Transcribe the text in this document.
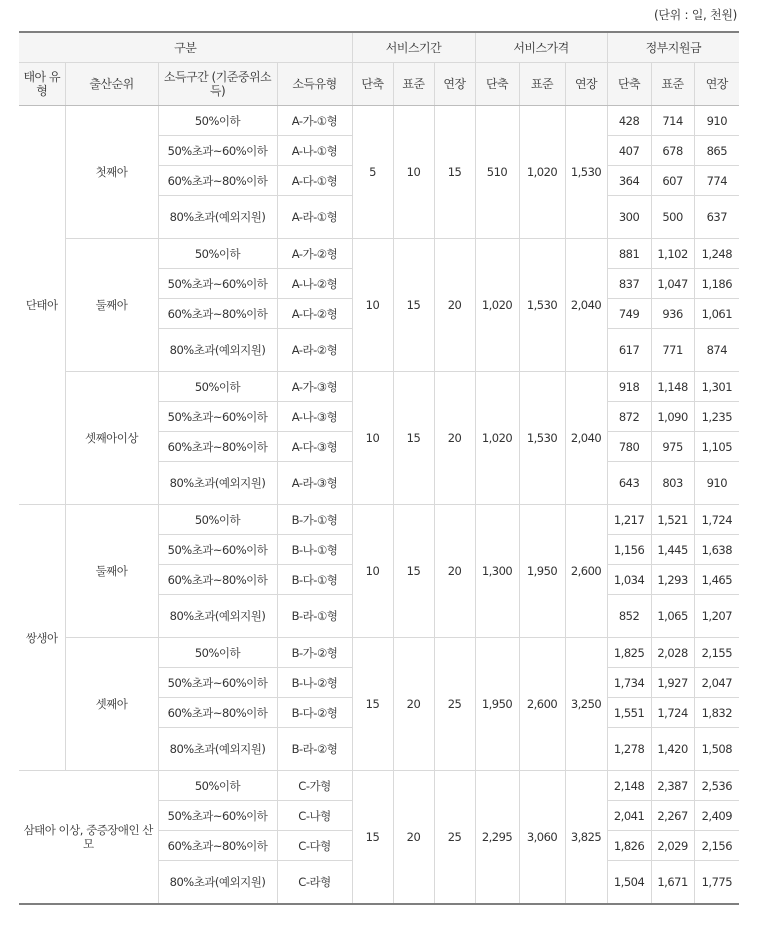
(단위 : 일, 천원)
구분				서비스기간			서비스가격			정부지원금		
태아 유형	출산순위	소득구간 (기준중위소득)	소득유형	단축	표준	연장	단축	표준	연장	단축	표준	연장
단태아	첫째아	50%이하	A-가-①형	5	10	15	510	1,020	1,530	428	714	910
		50%초과~60%이하	A-나-①형							407	678	865
		60%초과~80%이하	A-다-①형							364	607	774
		80%초과(예외지원)	A-라-①형							300	500	637
	둘째아	50%이하	A-가-②형	10	15	20	1,020	1,530	2,040	881	1,102	1,248
		50%초과~60%이하	A-나-②형							837	1,047	1,186
		60%초과~80%이하	A-다-②형							749	936	1,061
		80%초과(예외지원)	A-라-②형							617	771	874
	셋째아이상	50%이하	A-가-③형	10	15	20	1,020	1,530	2,040	918	1,148	1,301
		50%초과~60%이하	A-나-③형							872	1,090	1,235
		60%초과~80%이하	A-다-③형							780	975	1,105
		80%초과(예외지원)	A-라-③형							643	803	910
쌍생아	둘째아	50%이하	B-가-①형	10	15	20	1,300	1,950	2,600	1,217	1,521	1,724
		50%초과~60%이하	B-나-①형							1,156	1,445	1,638
		60%초과~80%이하	B-다-①형							1,034	1,293	1,465
		80%초과(예외지원)	B-라-①형							852	1,065	1,207
	셋째아	50%이하	B-가-②형	15	20	25	1,950	2,600	3,250	1,825	2,028	2,155
		50%초과~60%이하	B-나-②형							1,734	1,927	2,047
		60%초과~80%이하	B-다-②형							1,551	1,724	1,832
		80%초과(예외지원)	B-라-②형							1,278	1,420	1,508
삼태아 이상, 중증장애인 산모		50%이하	C-가형	15	20	25	2,295	3,060	3,825	2,148	2,387	2,536
		50%초과~60%이하	C-나형							2,041	2,267	2,409
		60%초과~80%이하	C-다형							1,826	2,029	2,156
		80%초과(예외지원)	C-라형							1,504	1,671	1,775
